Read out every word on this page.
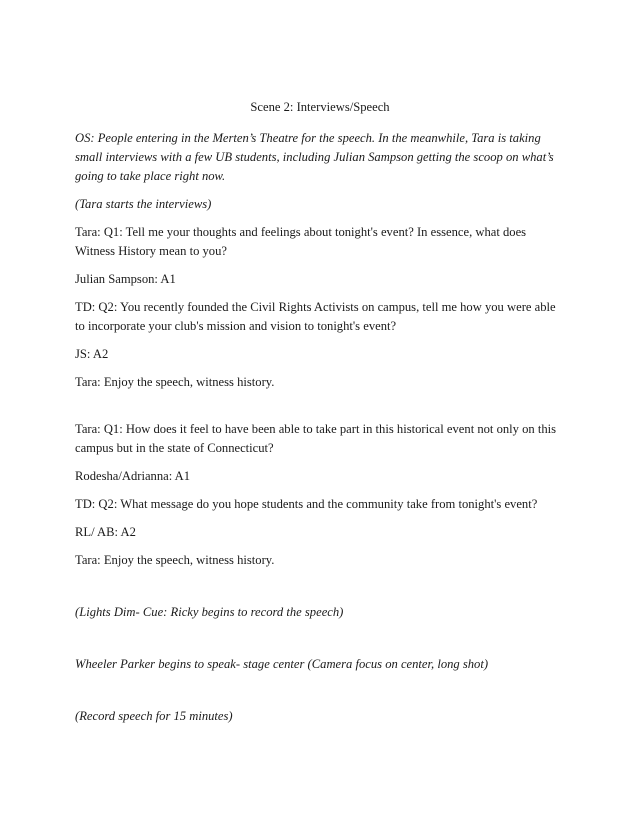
Scene 2: Interviews/Speech

OS: People entering in the Merten’s Theatre for the speech. In the meanwhile, Tara is taking
small interviews with a few UB students, including Julian Sampson getting the scoop on what’s
going to take place right now.

(Tara starts the interviews)

Tara: Q1: Tell me your thoughts and feelings about tonight's event? In essence, what does
Witness History mean to you?

Julian Sampson: A1

TD: Q2: You recently founded the Civil Rights Activists on campus, tell me how you were able
to incorporate your club's mission and vision to tonight's event?

JS: A2

Tara: Enjoy the speech, witness history.

Tara: Q1: How does it feel to have been able to take part in this historical event not only on this
campus but in the state of Connecticut?

Rodesha/Adrianna: A1

TD: Q2: What message do you hope students and the community take from tonight's event?

RL/ AB: A2

Tara: Enjoy the speech, witness history.

(Lights Dim- Cue: Ricky begins to record the speech)

Wheeler Parker begins to speak- stage center (Camera focus on center, long shot)

(Record speech for 15 minutes)
